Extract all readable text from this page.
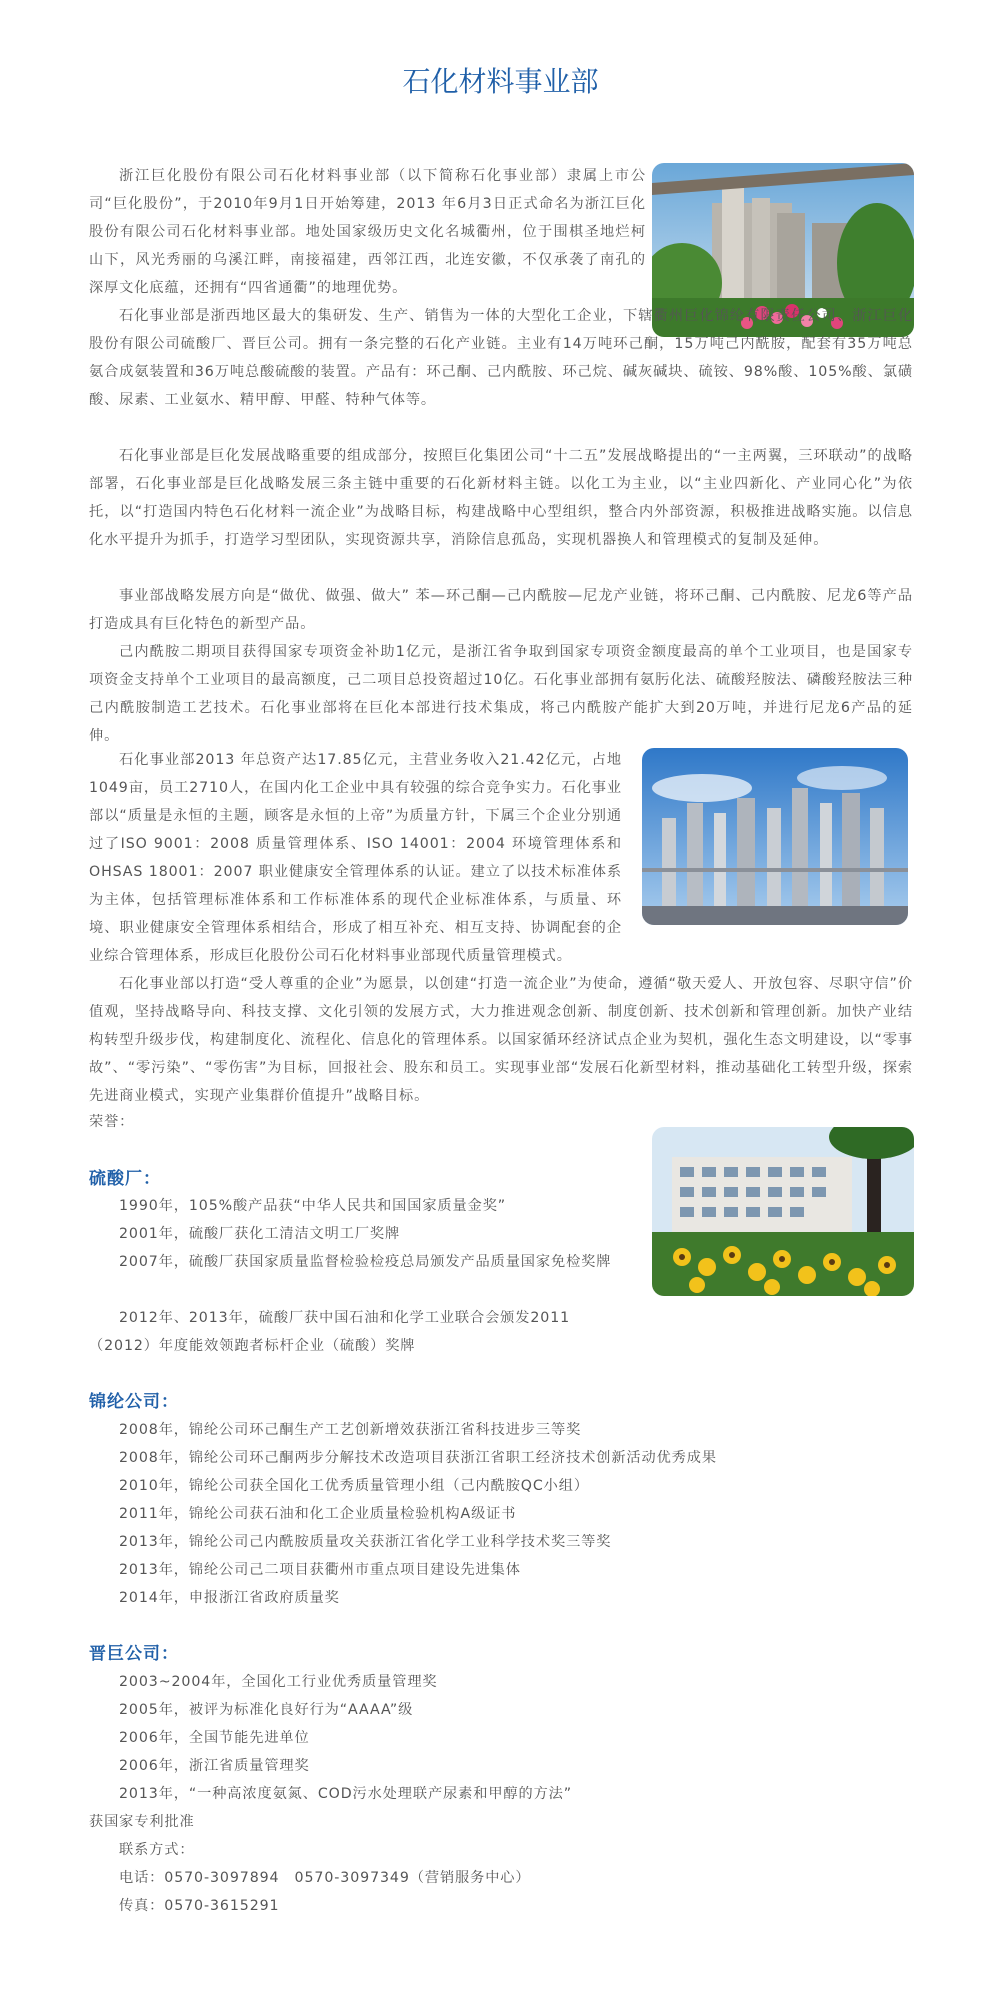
石化材料事业部
浙江巨化股份有限公司石化材料事业部（以下简称石化事业部）隶属上市公司“巨化股份”，于2010年9月1日开始筹建，2013 年6月3日正式命名为浙江巨化股份有限公司石化材料事业部。地处国家级历史文化名城衢州，位于围棋圣地烂柯山下，风光秀丽的乌溪江畔，南接福建，西邻江西，北连安徽，不仅承袭了南孔的深厚文化底蕴，还拥有“四省通衢”的地理优势。
石化事业部是浙西地区最大的集研发、生产、销售为一体的大型化工企业，下辖衢州巨化锦纶有限责任公司、浙江巨化股份有限公司硫酸厂、晋巨公司。拥有一条完整的石化产业链。主业有14万吨环己酮，15万吨己内酰胺，配套有35万吨总氨合成氨装置和36万吨总酸硫酸的装置。产品有：环己酮、己内酰胺、环己烷、碱灰碱块、硫铵、98%酸、105%酸、氯磺酸、尿素、工业氨水、精甲醇、甲醛、特种气体等。
石化事业部是巨化发展战略重要的组成部分，按照巨化集团公司“十二五”发展战略提出的“一主两翼，三环联动”的战略部署，石化事业部是巨化战略发展三条主链中重要的石化新材料主链。以化工为主业，以“主业四新化、产业同心化”为依托，以“打造国内特色石化材料一流企业”为战略目标，构建战略中心型组织，整合内外部资源，积极推进战略实施。以信息化水平提升为抓手，打造学习型团队，实现资源共享，消除信息孤岛，实现机器换人和管理模式的复制及延伸。
事业部战略发展方向是“做优、做强、做大” 苯—环己酮—己内酰胺—尼龙产业链，将环己酮、己内酰胺、尼龙6等产品打造成具有巨化特色的新型产品。
己内酰胺二期项目获得国家专项资金补助1亿元，是浙江省争取到国家专项资金额度最高的单个工业项目，也是国家专项资金支持单个工业项目的最高额度，己二项目总投资超过10亿。石化事业部拥有氨肟化法、硫酸羟胺法、磷酸羟胺法三种己内酰胺制造工艺技术。石化事业部将在巨化本部进行技术集成，将己内酰胺产能扩大到20万吨，并进行尼龙6产品的延伸。
石化事业部2013 年总资产达17.85亿元，主营业务收入21.42亿元，占地1049亩，员工2710人，在国内化工企业中具有较强的综合竞争实力。石化事业部以“质量是永恒的主题，顾客是永恒的上帝”为质量方针，下属三个企业分别通过了ISO 9001：2008 质量管理体系、ISO 14001：2004 环境管理体系和OHSAS 18001：2007 职业健康安全管理体系的认证。建立了以技术标准体系为主体，包括管理标准体系和工作标准体系的现代企业标准体系，与质量、环境、职业健康安全管理体系相结合，形成了相互补充、相互支持、协调配套的企业综合管理体系，形成巨化股份公司石化材料事业部现代质量管理模式。
石化事业部以打造“受人尊重的企业”为愿景，以创建“打造一流企业”为使命，遵循“敬天爱人、开放包容、尽职守信”价值观，坚持战略导向、科技支撑、文化引领的发展方式，大力推进观念创新、制度创新、技术创新和管理创新。加快产业结构转型升级步伐，构建制度化、流程化、信息化的管理体系。以国家循环经济试点企业为契机，强化生态文明建设，以“零事故”、“零污染”、“零伤害”为目标，回报社会、股东和员工。实现事业部“发展石化新型材料，推动基础化工转型升级，探索先进商业模式，实现产业集群价值提升”战略目标。
荣誉：
硫酸厂：
1990年，105%酸产品获“中华人民共和国国家质量金奖”
2001年，硫酸厂获化工清洁文明工厂奖牌
2007年，硫酸厂获国家质量监督检验检疫总局颁发产品质量国家免检奖牌
2012年、2013年，硫酸厂获中国石油和化学工业联合会颁发2011（2012）年度能效领跑者标杆企业（硫酸）奖牌
锦纶公司：
2008年，锦纶公司环己酮生产工艺创新增效获浙江省科技进步三等奖
2008年，锦纶公司环己酮两步分解技术改造项目获浙江省职工经济技术创新活动优秀成果
2010年，锦纶公司获全国化工优秀质量管理小组（己内酰胺QC小组）
2011年，锦纶公司获石油和化工企业质量检验机构A级证书
2013年，锦纶公司己内酰胺质量攻关获浙江省化学工业科学技术奖三等奖
2013年，锦纶公司己二项目获衢州市重点项目建设先进集体
2014年，申报浙江省政府质量奖
晋巨公司：
2003~2004年，全国化工行业优秀质量管理奖
2005年，被评为标准化良好行为“AAAA”级
2006年，全国节能先进单位
2006年，浙江省质量管理奖
2013年，“一种高浓度氨氮、COD污水处理联产尿素和甲醇的方法”
获国家专利批准
联系方式：
电话：0570-3097894　0570-3097349（营销服务中心）
传真：0570-3615291
